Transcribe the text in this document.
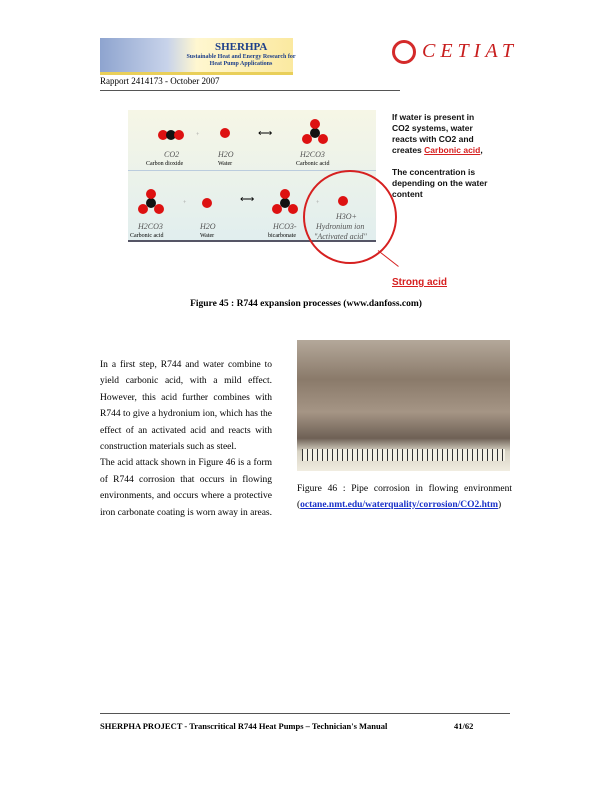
SHERHPA
Sustainable Heat and Energy Research for Heat Pump Applications
CETIAT
Rapport 2414173 - October 2007
+	⟷
CO2
Carbon dioxide
H2O
Water
H2CO3
Carbonic acid
+	⟷	+
H2CO3
Carbonic acid
H2O
Water
HCO3-
bicarbonate
H3O+
Hydronium ion
"Activated acid"
If water is present in CO2 systems, water reacts with CO2 and creates Carbonic acid,

The concentration is depending on the water content
Strong acid
Figure 45 : R744 expansion processes (www.danfoss.com)
In a first step, R744 and water combine to yield carbonic acid, with a mild effect. However, this acid further combines with R744 to give a hydronium ion, which has the effect of an activated acid and reacts with construction materials such as steel.
The acid attack shown in Figure 46 is a form of R744 corrosion that occurs in flowing environments, and occurs where a protective iron carbonate coating is worn away in areas.
Figure 46 : Pipe corrosion in flowing environment (octane.nmt.edu/waterquality/corrosion/CO2.htm)
SHERPHA PROJECT - Transcritical R744 Heat Pumps – Technician's Manual	41/62
